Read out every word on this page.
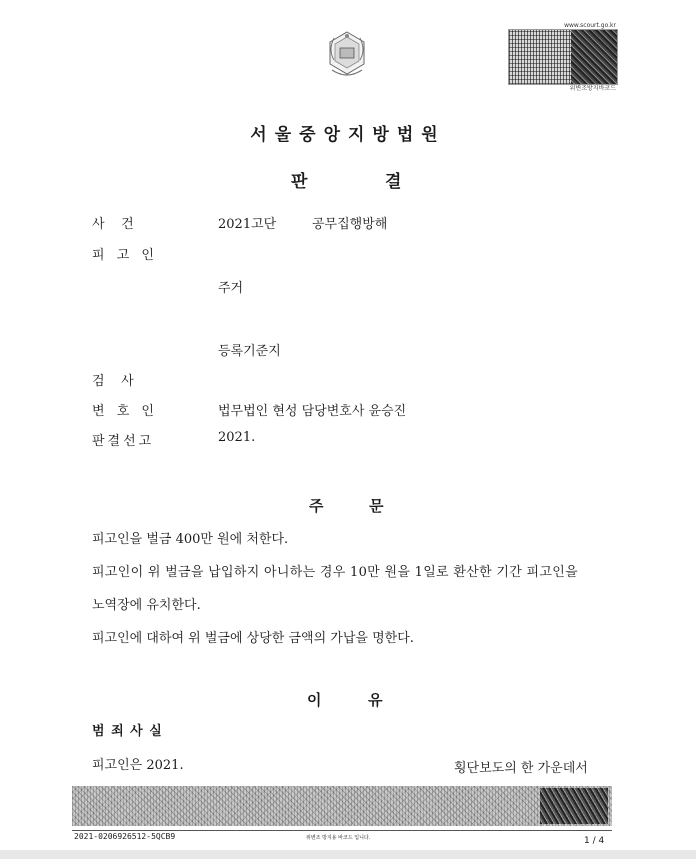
www.scourt.go.kr
위변조방지바코드
서울중앙지방법원
판	결
사    건	2021고단	공무집행방해
피 고 인
주거
등록기준지
검    사
변 호 인	법무법인 현성 담당변호사 윤승진
판결선고	2021.
주	문
피고인을 벌금 400만 원에 처한다.
피고인이 위 벌금을 납입하지 아니하는 경우 10만 원을 1일로 환산한 기간 피고인을
노역장에 유치한다.
피고인에 대하여 위 벌금에 상당한 금액의 가납을 명한다.
이	유
범 죄 사 실
피고인은 2021.	횡단보도의 한 가운데서
2021-0206926512-5QCB9	위변조 방지용 바코드 입니다.	1 / 4
